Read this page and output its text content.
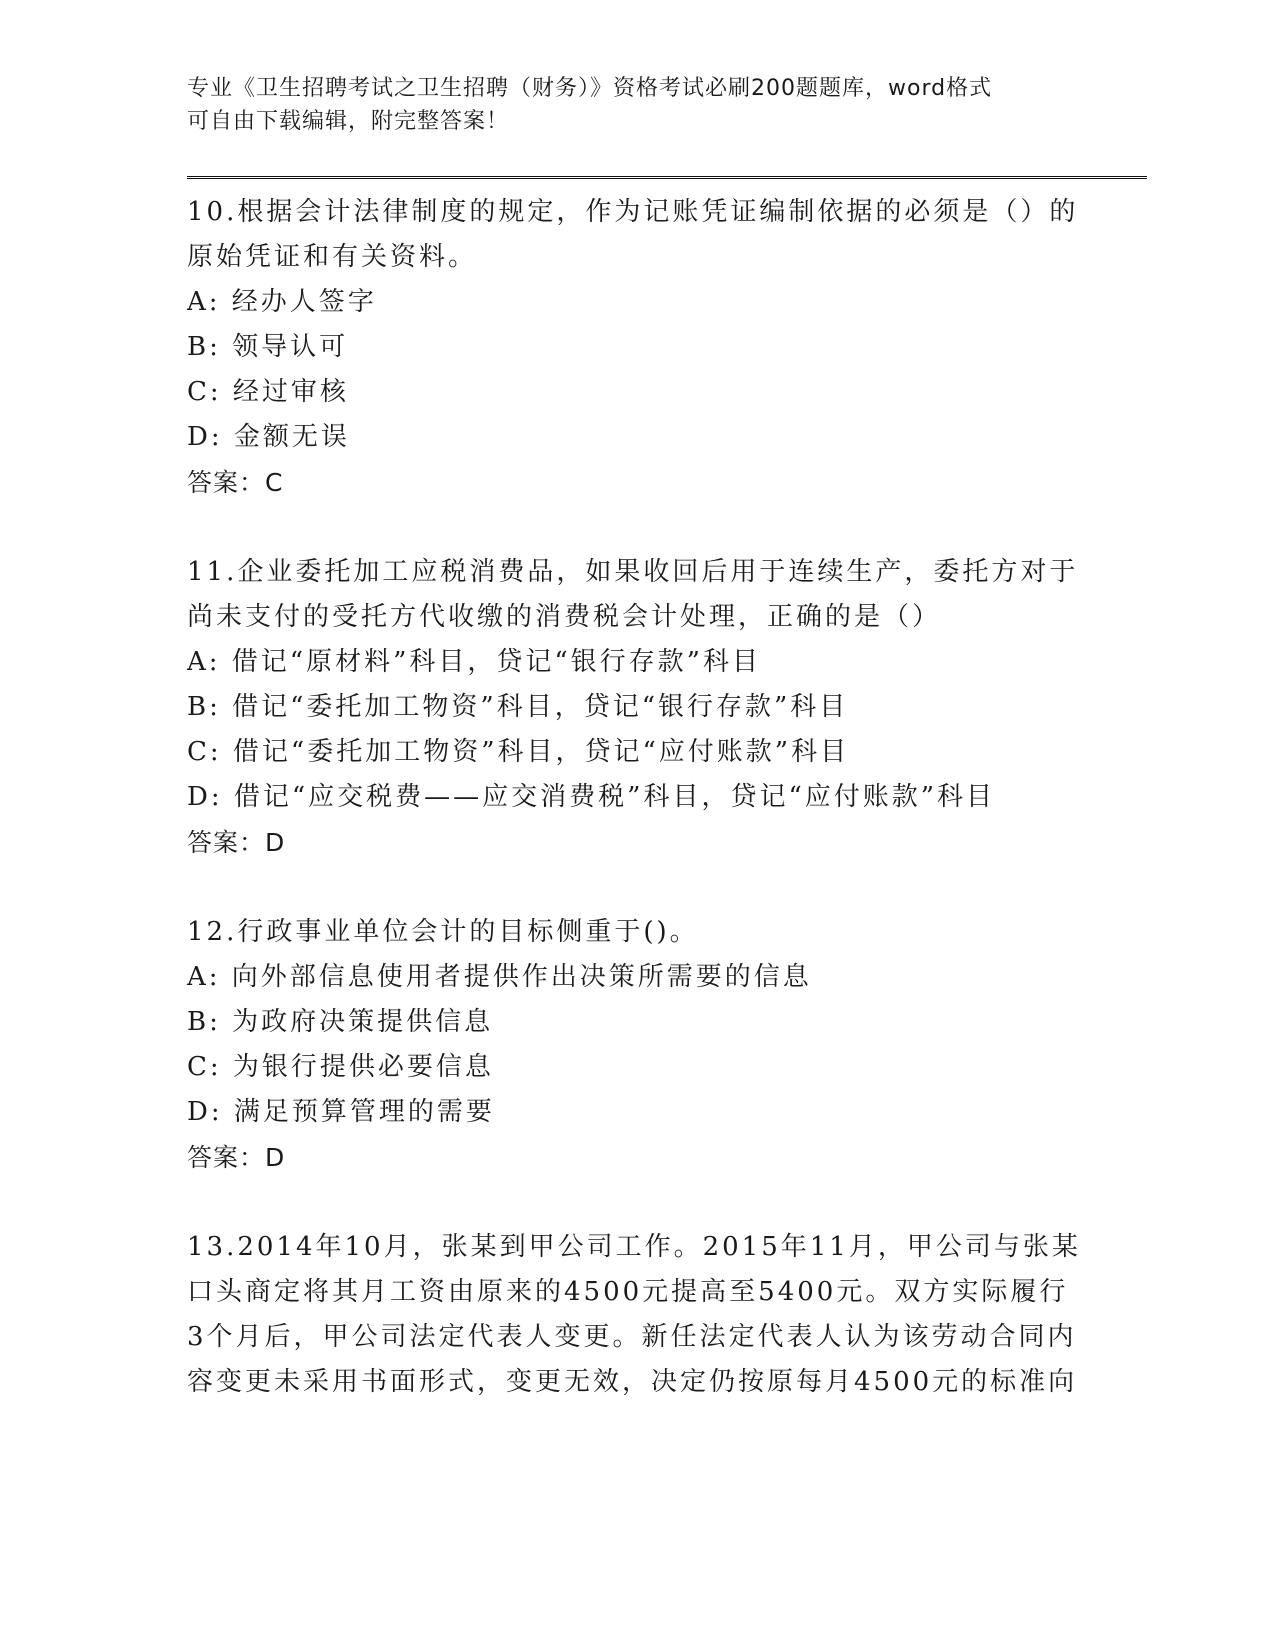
专业《卫生招聘考试之卫生招聘（财务）》资格考试必刷200题题库，word格式
可自由下载编辑，附完整答案！

10.根据会计法律制度的规定，作为记账凭证编制依据的必须是（）的原始凭证和有关资料。

A: 经办人签字

B: 领导认可

C: 经过审核

D: 金额无误

答案：C

11.企业委托加工应税消费品，如果收回后用于连续生产，委托方对于尚未支付的受托方代收缴的消费税会计处理，正确的是（）

A: 借记“原材料”科目，贷记“银行存款”科目

B: 借记“委托加工物资”科目，贷记“银行存款”科目

C: 借记“委托加工物资”科目，贷记“应付账款”科目

D: 借记“应交税费——应交消费税”科目，贷记“应付账款”科目

答案：D

12.行政事业单位会计的目标侧重于()。

A: 向外部信息使用者提供作出决策所需要的信息

B: 为政府决策提供信息

C: 为银行提供必要信息

D: 满足预算管理的需要

答案：D

13.2014年10月，张某到甲公司工作。2015年11月，甲公司与张某口头商定将其月工资由原来的4500元提高至5400元。双方实际履行3个月后，甲公司法定代表人变更。新任法定代表人认为该劳动合同内容变更未采用书面形式，变更无效，决定仍按原每月4500元的标准向
